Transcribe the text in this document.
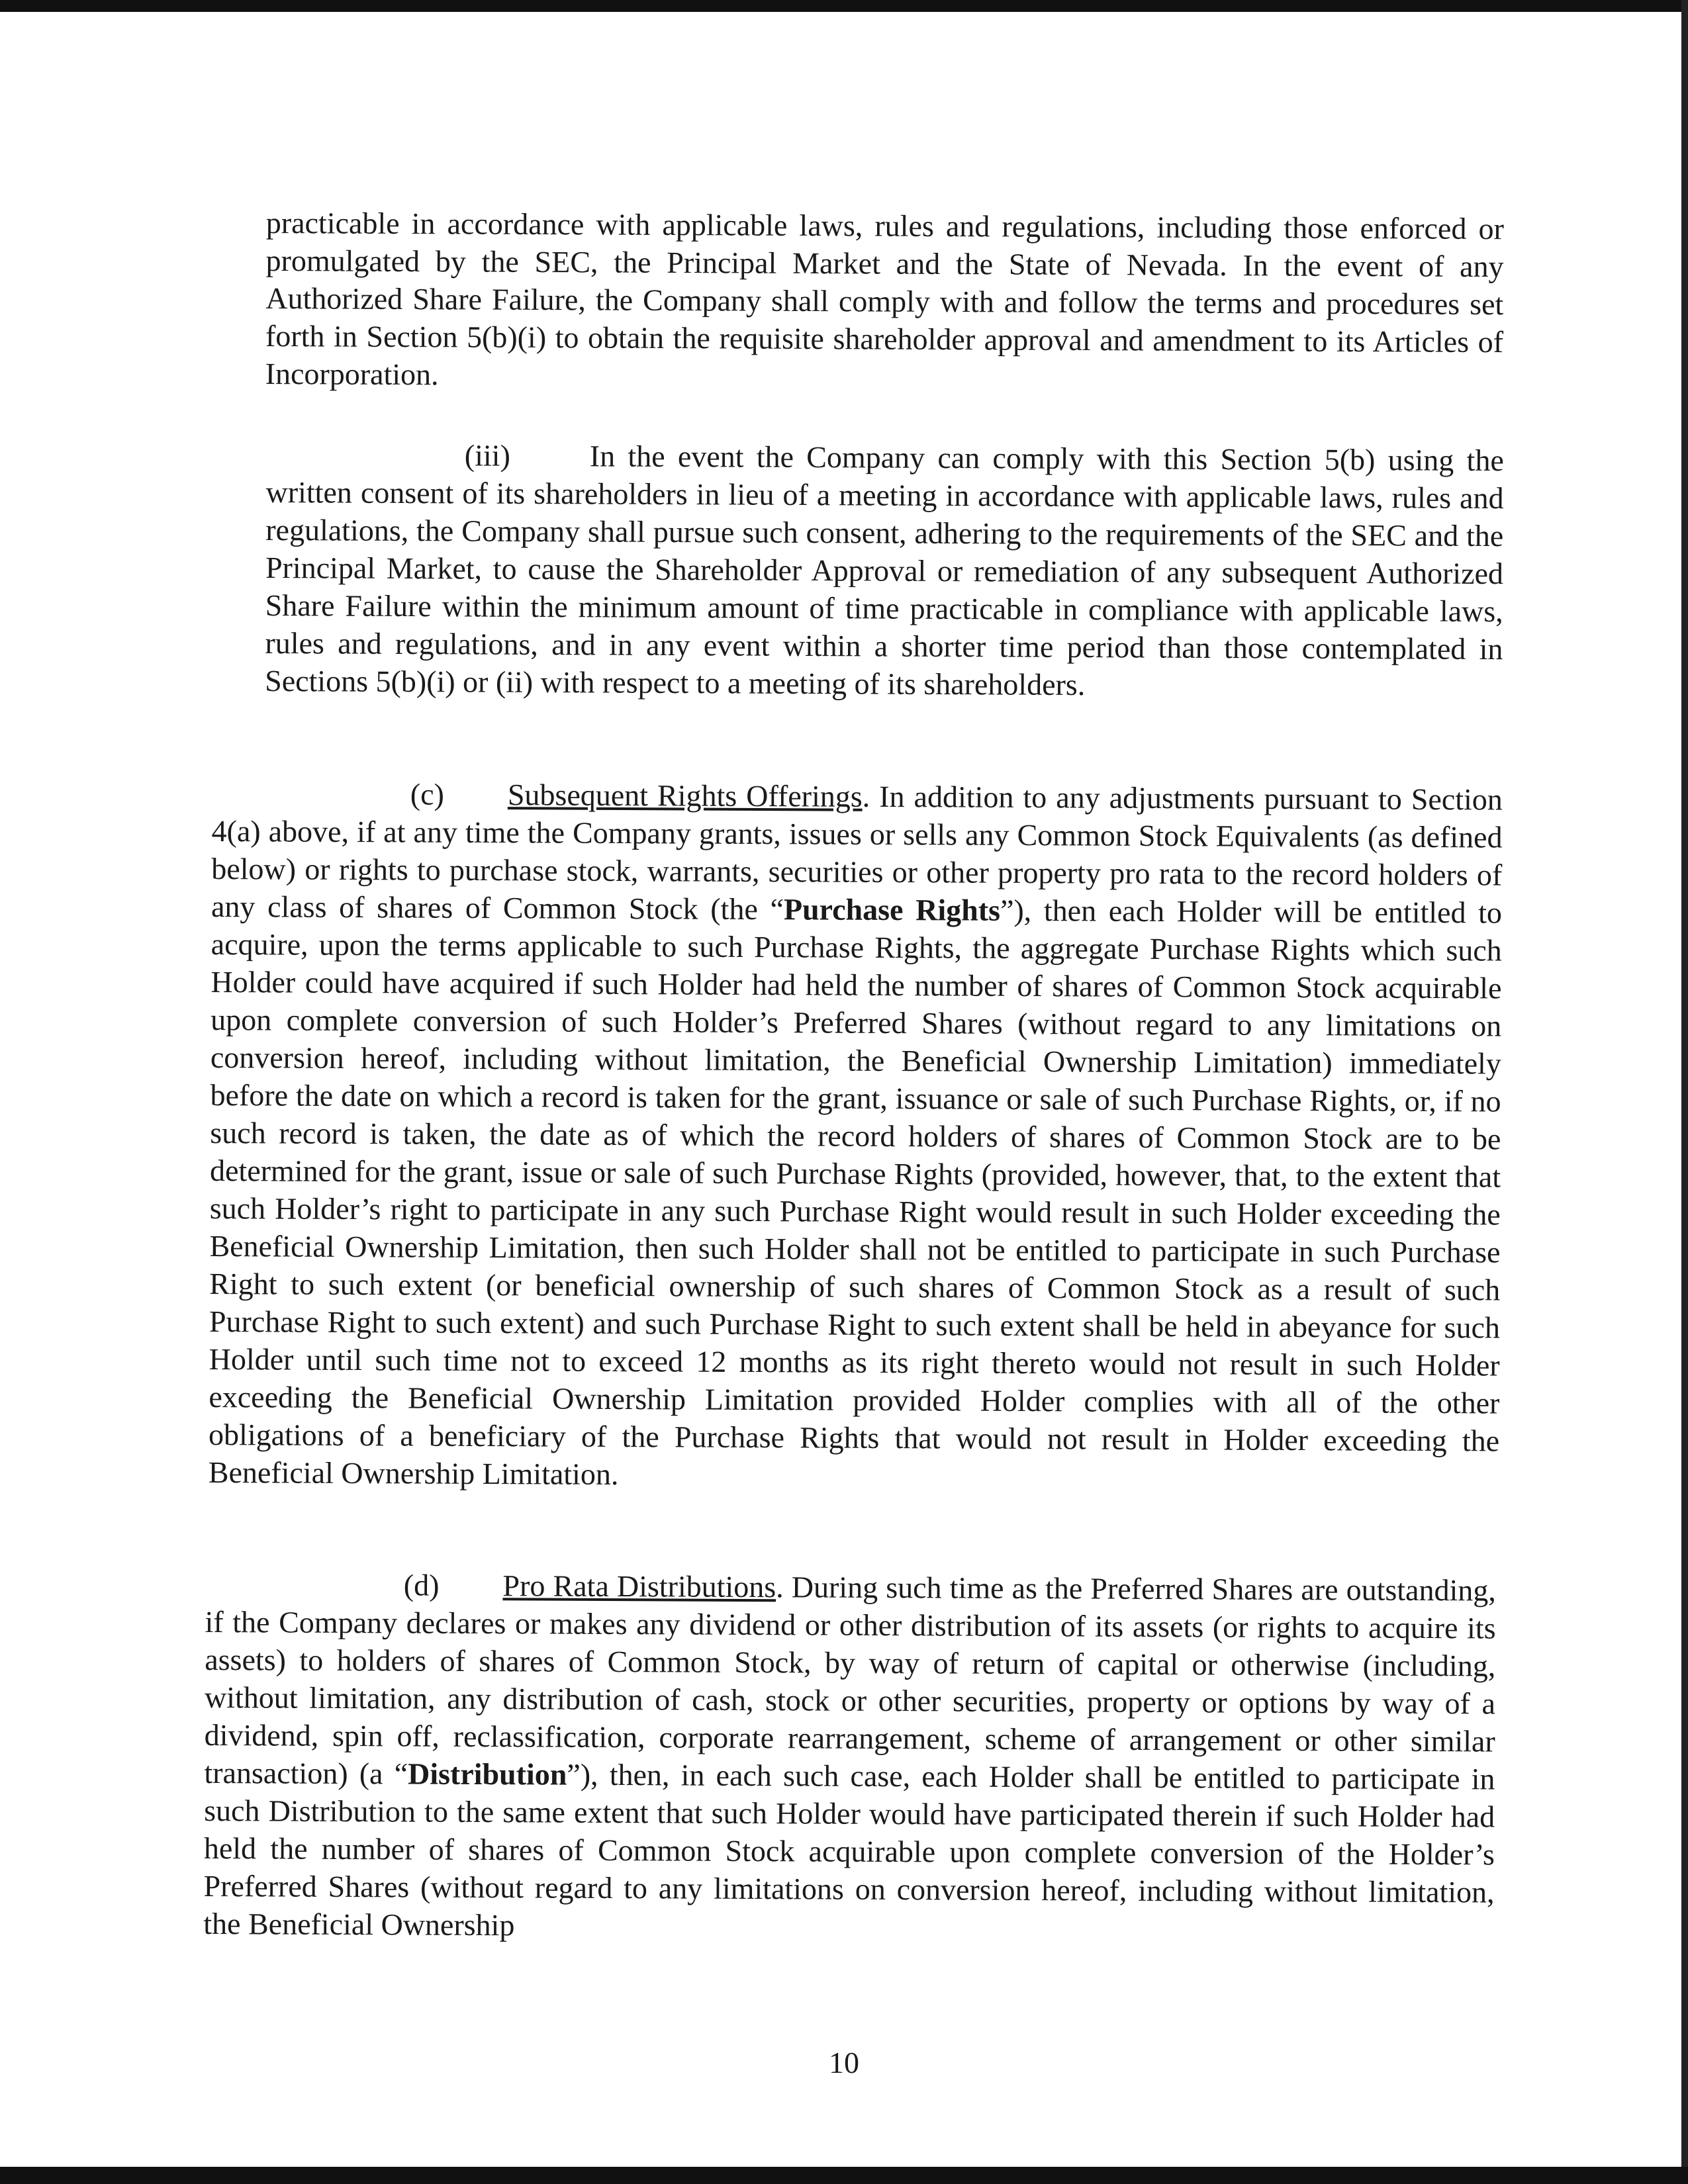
practicable in accordance with applicable laws, rules and regulations, including those enforced or promulgated by the SEC, the Principal Market and the State of Nevada. In the event of any Authorized Share Failure, the Company shall comply with and follow the terms and procedures set forth in Section 5(b)(i) to obtain the requisite shareholder approval and amendment to its Articles of Incorporation.

(iii)	In the event the Company can comply with this Section 5(b) using the written consent of its shareholders in lieu of a meeting in accordance with applicable laws, rules and regulations, the Company shall pursue such consent, adhering to the requirements of the SEC and the Principal Market, to cause the Shareholder Approval or remediation of any subsequent Authorized Share Failure within the minimum amount of time practicable in compliance with applicable laws, rules and regulations, and in any event within a shorter time period than those contemplated in Sections 5(b)(i) or (ii) with respect to a meeting of its shareholders.

(c) Subsequent Rights Offerings. In addition to any adjustments pursuant to Section 4(a) above, if at any time the Company grants, issues or sells any Common Stock Equivalents (as defined below) or rights to purchase stock, warrants, securities or other property pro rata to the record holders of any class of shares of Common Stock (the “Purchase Rights”), then each Holder will be entitled to acquire, upon the terms applicable to such Purchase Rights, the aggregate Purchase Rights which such Holder could have acquired if such Holder had held the number of shares of Common Stock acquirable upon complete conversion of such Holder’s Preferred Shares (without regard to any limitations on conversion hereof, including without limitation, the Beneficial Ownership Limitation) immediately before the date on which a record is taken for the grant, issuance or sale of such Purchase Rights, or, if no such record is taken, the date as of which the record holders of shares of Common Stock are to be determined for the grant, issue or sale of such Purchase Rights (provided, however, that, to the extent that such Holder’s right to participate in any such Purchase Right would result in such Holder exceeding the Beneficial Ownership Limitation, then such Holder shall not be entitled to participate in such Purchase Right to such extent (or beneficial ownership of such shares of Common Stock as a result of such Purchase Right to such extent) and such Purchase Right to such extent shall be held in abeyance for such Holder until such time not to exceed 12 months as its right thereto would not result in such Holder exceeding the Beneficial Ownership Limitation provided Holder complies with all of the other obligations of a beneficiary of the Purchase Rights that would not result in Holder exceeding the Beneficial Ownership Limitation.

(d) Pro Rata Distributions. During such time as the Preferred Shares are outstanding, if the Company declares or makes any dividend or other distribution of its assets (or rights to acquire its assets) to holders of shares of Common Stock, by way of return of capital or otherwise (including, without limitation, any distribution of cash, stock or other securities, property or options by way of a dividend, spin off, reclassification, corporate rearrangement, scheme of arrangement or other similar transaction) (a “Distribution”), then, in each such case, each Holder shall be entitled to participate in such Distribution to the same extent that such Holder would have participated therein if such Holder had held the number of shares of Common Stock acquirable upon complete conversion of the Holder’s Preferred Shares (without regard to any limitations on conversion hereof, including without limitation, the Beneficial Ownership

10
